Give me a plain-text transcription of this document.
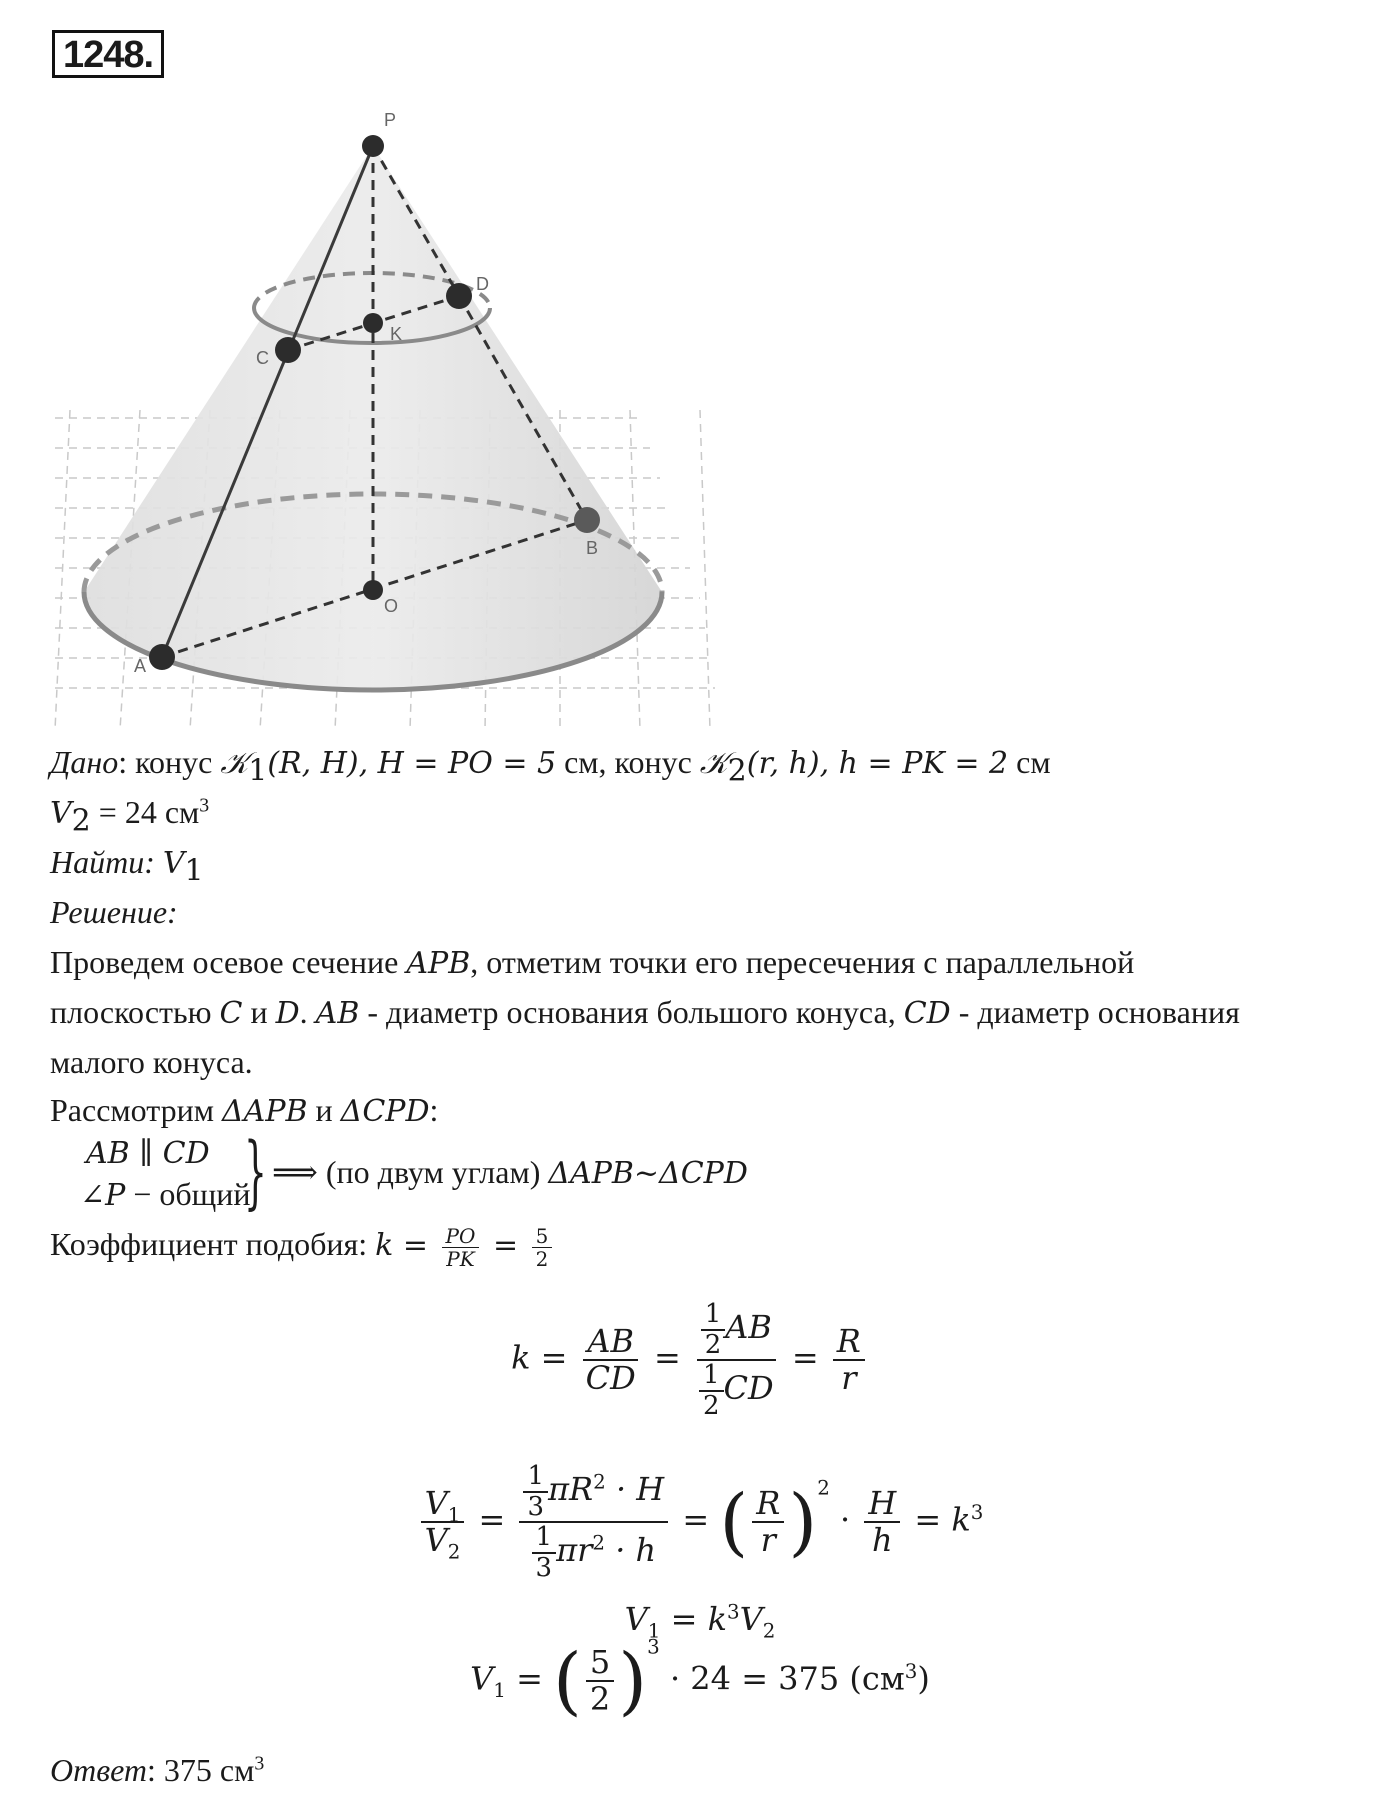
1248.
P
D
K
C
B
O
A
Дано: конус 𝒦$_1$(R, H), H = PO = 5 см, конус 𝒦$_2$(r, h), h = PK = 2 см
$V_2 = 24$ $см^3$
Найти: $V_1$
Решение:
Проведем осевое сечение APB, отметим точки его пересечения с параллельной
плоскостью C и D. AB - диаметр основания большого конуса, CD - диаметр основания
малого конуса.
Рассмотрим ΔAPB и ΔCPD:
AB ∥ CD
∠P − общий
} ⟹ (по двум углам) ΔAPB~ΔCPD
Коэффициент подобия: $k = \frac{PO}{PK} = \frac{5}{2}$
$k = \frac{AB}{CD} = \frac{\frac{1}{2} AB}{\frac{1}{2} CD} = \frac{R}{r}$
$\frac{V_1}{V_2} = \frac{\frac{1}{3} \pi R^2 \cdot H}{\frac{1}{3} \pi r^2 \cdot h}$ = ( $\frac{R}{r} )^2 \cdot \frac{H}{h} = k^3$
$V_1 = k^3V_2$
$V_1$ = ( $\frac{5}{2} )^3 \cdot 24 = 375$ $(см^3)$
Ответ: 375 $см^3$
